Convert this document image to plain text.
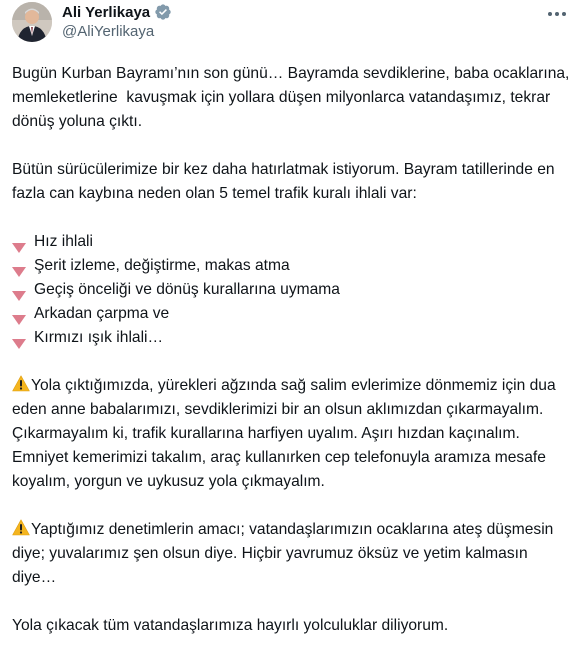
Ali Yerlikaya
@AliYerlikaya

Bugün Kurban Bayramı’nın son günü… Bayramda sevdiklerine, baba ocaklarına, memleketlerine  kavuşmak için yollara düşen milyonlarca vatandaşımız, tekrar dönüş yoluna çıktı.

Bütün sürücülerimize bir kez daha hatırlatmak istiyorum. Bayram tatillerinde en fazla can kaybına neden olan 5 temel trafik kuralı ihlali var:

Hız ihlali
Şerit izleme, değiştirme, makas atma
Geçiş önceliği ve dönüş kurallarına uymama
Arkadan çarpma ve
Kırmızı ışık ihlali…

Yola çıktığımızda, yürekleri ağzında sağ salim evlerimize dönmemiz için dua eden anne babalarımızı, sevdiklerimizi bir an olsun aklımızdan çıkarmayalım. Çıkarmayalım ki, trafik kurallarına harfiyen uyalım. Aşırı hızdan kaçınalım. Emniyet kemerimizi takalım, araç kullanırken cep telefonuyla aramıza mesafe koyalım, yorgun ve uykusuz yola çıkmayalım.

Yaptığımız denetimlerin amacı; vatandaşlarımızın ocaklarına ateş düşmesin diye; yuvalarımız şen olsun diye. Hiçbir yavrumuz öksüz ve yetim kalmasın diye…

Yola çıkacak tüm vatandaşlarımıza hayırlı yolculuklar diliyorum.
